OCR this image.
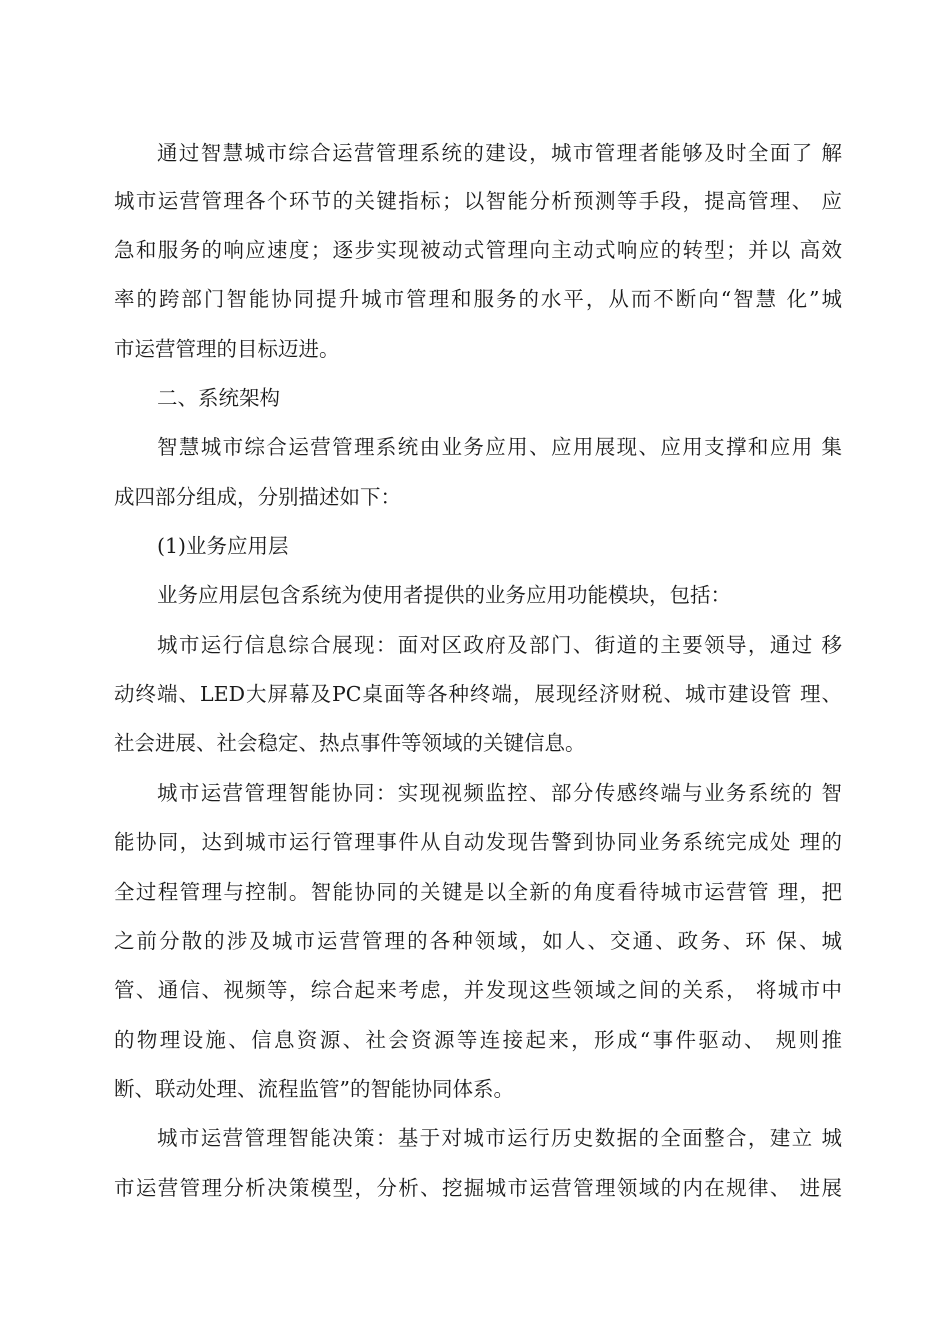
通过智慧城市综合运营管理系统的建设，城市管理者能够及时全面了 解
城市运营管理各个环节的关键指标；以智能分析预测等手段，提高管理、 应
急和服务的响应速度；逐步实现被动式管理向主动式响应的转型；并以 高效
率的跨部门智能协同提升城市管理和服务的水平，从而不断向“智慧 化”城
市运营管理的目标迈进。
二、系统架构
智慧城市综合运营管理系统由业务应用、应用展现、应用支撑和应用 集
成四部分组成，分别描述如下：
(1)业务应用层
业务应用层包含系统为使用者提供的业务应用功能模块，包括：
城市运行信息综合展现：面对区政府及部门、街道的主要领导，通过 移
动终端、LED大屏幕及PC桌面等各种终端，展现经济财税、城市建设管 理、
社会进展、社会稳定、热点事件等领域的关键信息。
城市运营管理智能协同：实现视频监控、部分传感终端与业务系统的 智
能协同，达到城市运行管理事件从自动发现告警到协同业务系统完成处 理的
全过程管理与控制。智能协同的关键是以全新的角度看待城市运营管 理，把
之前分散的涉及城市运营管理的各种领域，如人、交通、政务、环 保、城
管、通信、视频等，综合起来考虑，并发现这些领域之间的关系， 将城市中
的物理设施、信息资源、社会资源等连接起来，形成“事件驱动、 规则推
断、联动处理、流程监管”的智能协同体系。
城市运营管理智能决策：基于对城市运行历史数据的全面整合，建立 城
市运营管理分析决策模型，分析、挖掘城市运营管理领域的内在规律、 进展
